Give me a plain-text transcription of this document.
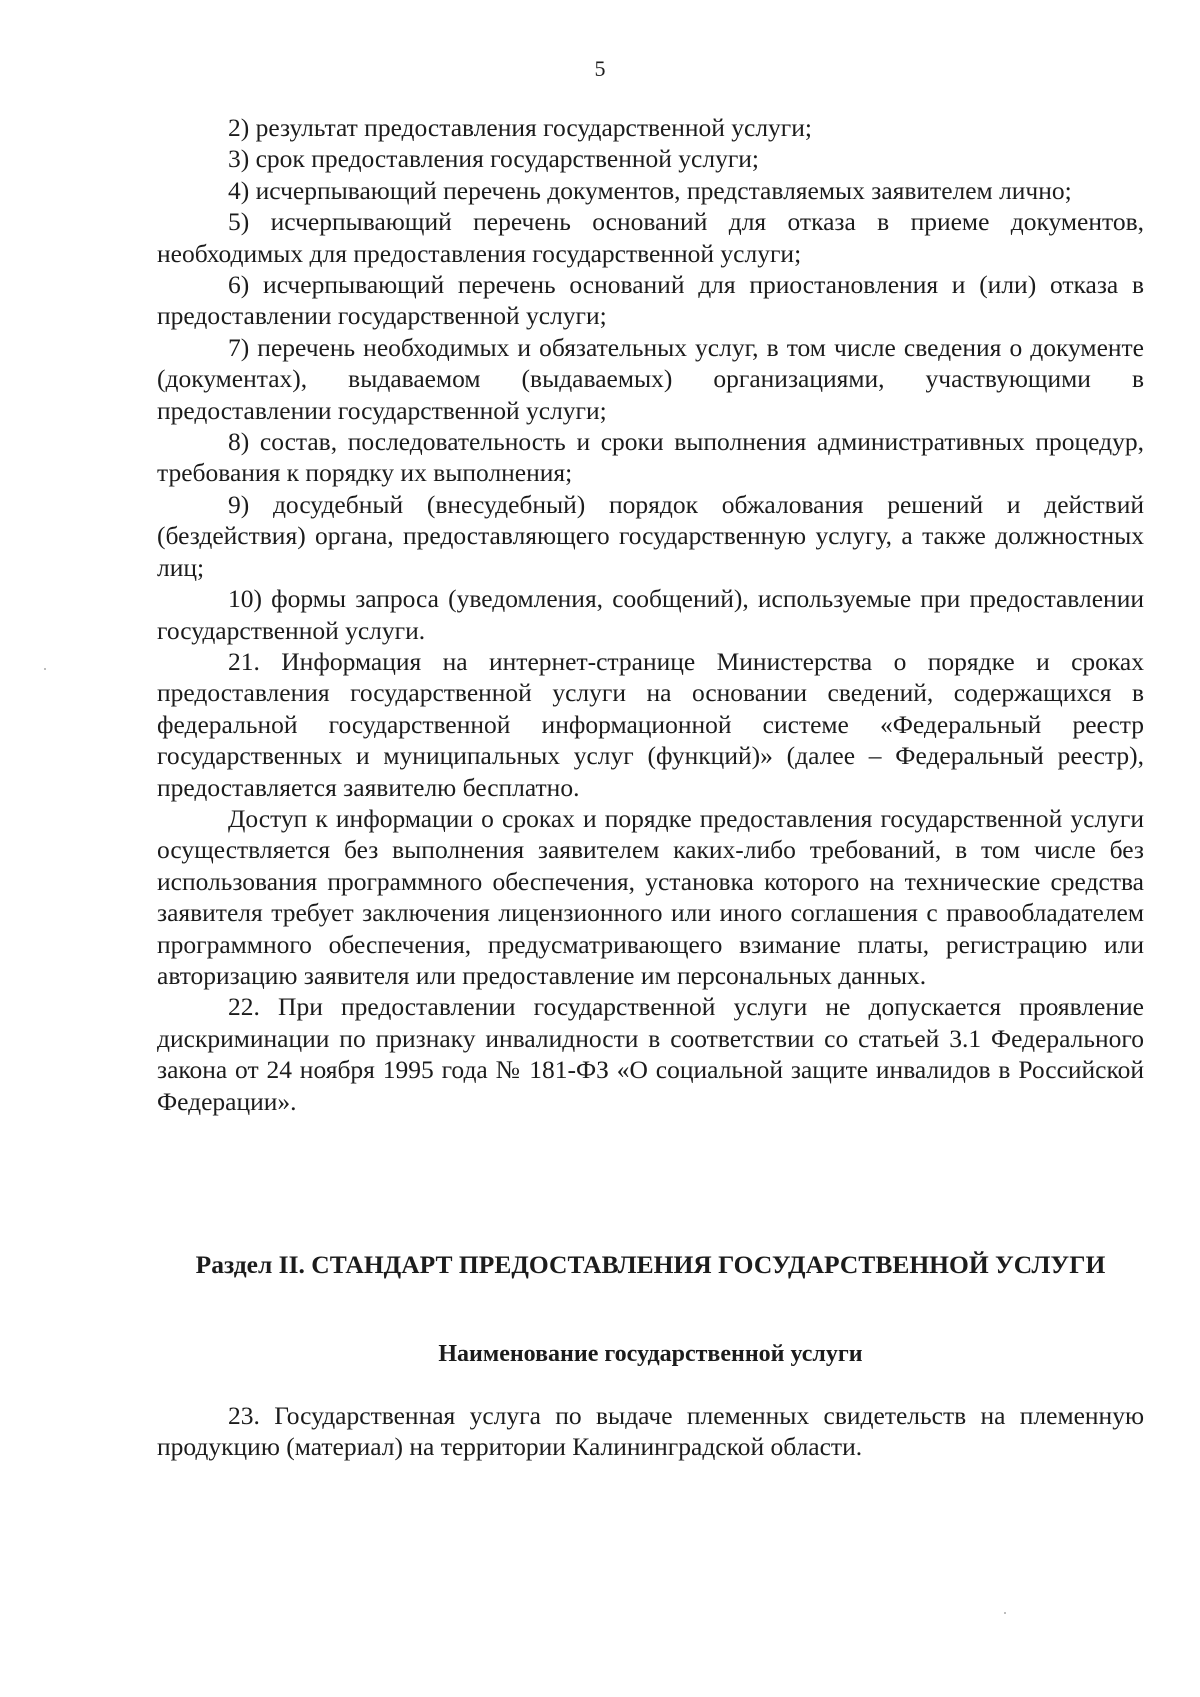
5

2) результат предоставления государственной услуги;

3) срок предоставления государственной услуги;

4) исчерпывающий перечень документов, представляемых заявителем лично;

5) исчерпывающий перечень оснований для отказа в приеме документов, необходимых для предоставления государственной услуги;

6) исчерпывающий перечень оснований для приостановления и (или) отказа в предоставлении государственной услуги;

7) перечень необходимых и обязательных услуг, в том числе сведения о документе (документах), выдаваемом (выдаваемых) организациями, участвующими в предоставлении государственной услуги;

8) состав, последовательность и сроки выполнения административных процедур, требования к порядку их выполнения;

9) досудебный (внесудебный) порядок обжалования решений и действий (бездействия) органа, предоставляющего государственную услугу, а также должностных лиц;

10) формы запроса (уведомления, сообщений), используемые при предоставлении государственной услуги.

21. Информация на интернет-странице Министерства о порядке и сроках предоставления государственной услуги на основании сведений, содержащихся в федеральной государственной информационной системе «Федеральный реестр государственных и муниципальных услуг (функций)» (далее – Федеральный реестр), предоставляется заявителю бесплатно.

Доступ к информации о сроках и порядке предоставления государственной услуги осуществляется без выполнения заявителем каких-либо требований, в том числе без использования программного обеспечения, установка которого на технические средства заявителя требует заключения лицензионного или иного соглашения с правообладателем программного обеспечения, предусматривающего взимание платы, регистрацию или авторизацию заявителя или предоставление им персональных данных.

22. При предоставлении государственной услуги не допускается проявление дискриминации по признаку инвалидности в соответствии со статьей 3.1 Федерального закона от 24 ноября 1995 года № 181-ФЗ «О социальной защите инвалидов в Российской Федерации».

Раздел II. СТАНДАРТ ПРЕДОСТАВЛЕНИЯ ГОСУДАРСТВЕННОЙ УСЛУГИ
Наименование государственной услуги

23. Государственная услуга по выдаче племенных свидетельств на племенную продукцию (материал) на территории Калининградской области.
